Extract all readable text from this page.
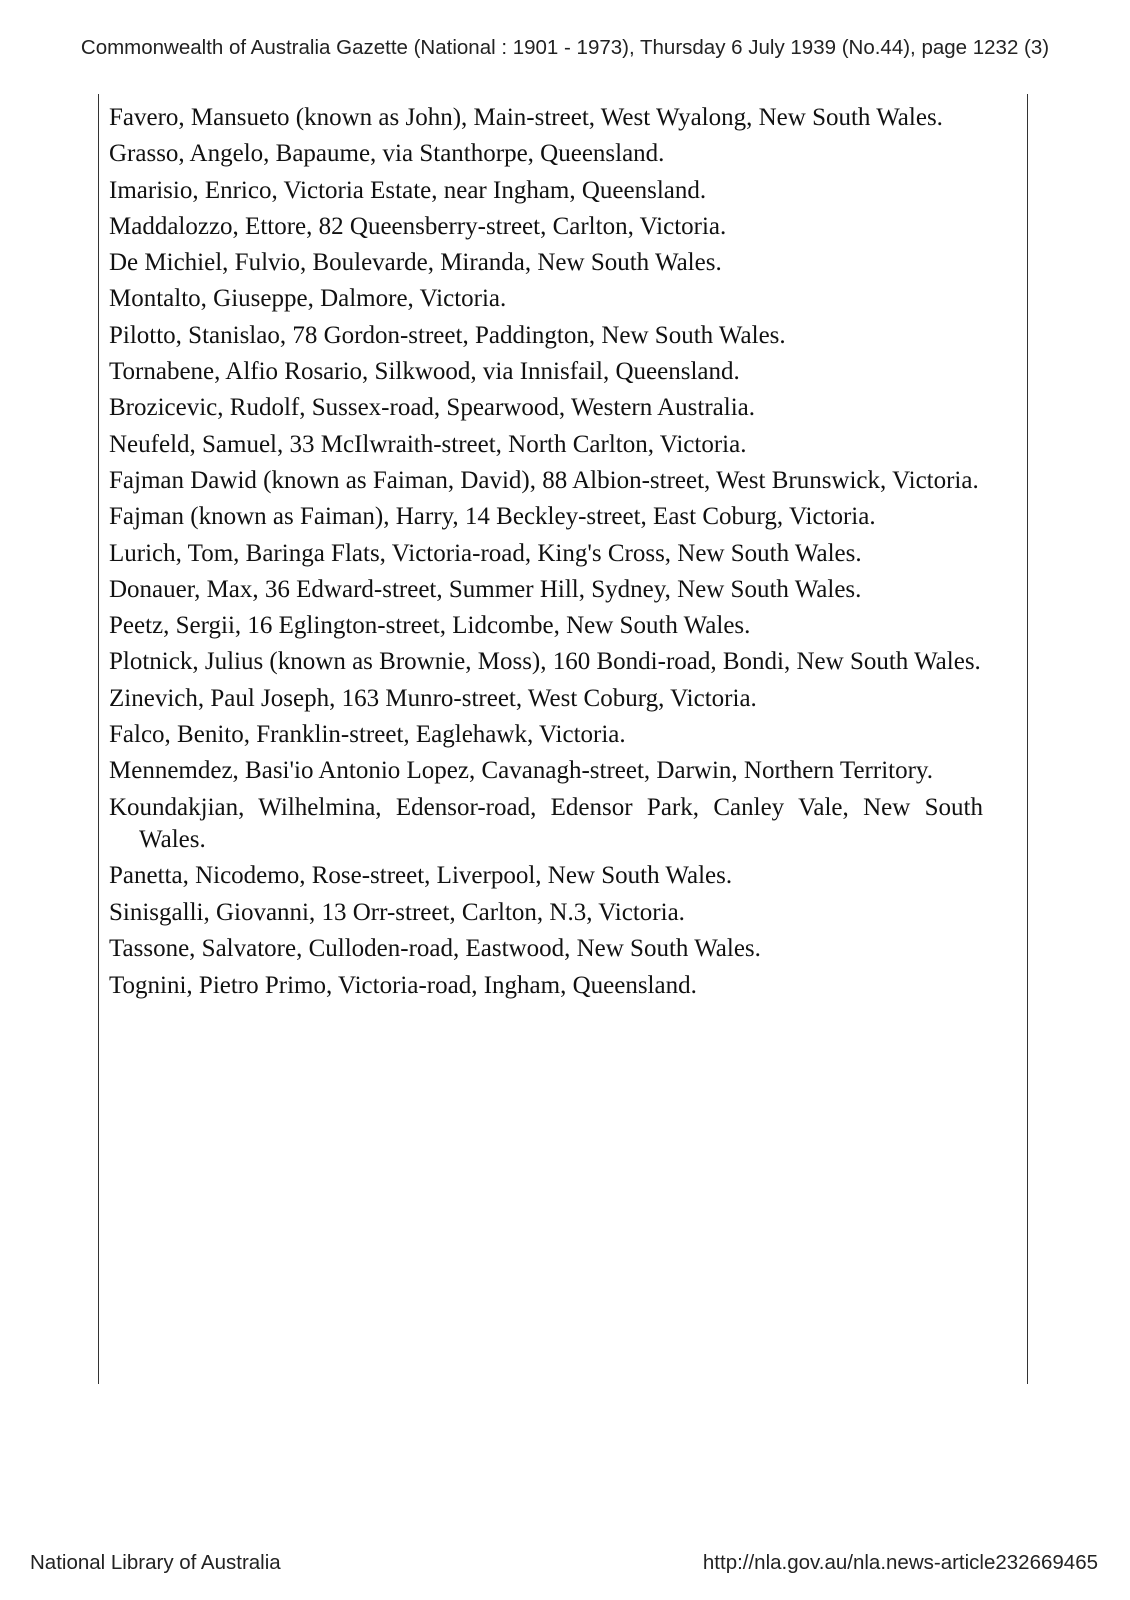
Commonwealth of Australia Gazette (National : 1901 - 1973), Thursday 6 July 1939 (No.44), page 1232 (3)

Favero, Mansueto (known as John), Main-street, West Wyalong, New South Wales.

Grasso, Angelo, Bapaume, via Stanthorpe, Queensland.

Imarisio, Enrico, Victoria Estate, near Ingham, Queensland.

Maddalozzo, Ettore, 82 Queensberry-street, Carlton, Victoria.

De Michiel, Fulvio, Boulevarde, Miranda, New South Wales.

Montalto, Giuseppe, Dalmore, Victoria.

Pilotto, Stanislao, 78 Gordon-street, Paddington, New South Wales.

Tornabene, Alfio Rosario, Silkwood, via Innisfail, Queensland.

Brozicevic, Rudolf, Sussex-road, Spearwood, Western Australia.

Neufeld, Samuel, 33 McIlwraith-street, North Carlton, Victoria.

Fajman Dawid (known as Faiman, David), 88 Albion-street, West Brunswick, Victoria.

Fajman (known as Faiman), Harry, 14 Beckley-street, East Coburg, Victoria.

Lurich, Tom, Baringa Flats, Victoria-road, King's Cross, New South Wales.

Donauer, Max, 36 Edward-street, Summer Hill, Sydney, New South Wales.

Peetz, Sergii, 16 Eglington-street, Lidcombe, New South Wales.

Plotnick, Julius (known as Brownie, Moss), 160 Bondi-road, Bondi, New South Wales.

Zinevich, Paul Joseph, 163 Munro-street, West Coburg, Victoria.

Falco, Benito, Franklin-street, Eaglehawk, Victoria.

Mennemdez, Basi'io Antonio Lopez, Cavanagh-street, Darwin, Northern Territory.

Koundakjian, Wilhelmina, Edensor-road, Edensor Park, Canley Vale, New South Wales.

Panetta, Nicodemo, Rose-street, Liverpool, New South Wales.

Sinisgalli, Giovanni, 13 Orr-street, Carlton, N.3, Victoria.

Tassone, Salvatore, Culloden-road, Eastwood, New South Wales.

Tognini, Pietro Primo, Victoria-road, Ingham, Queensland.

National Library of Australia	http://nla.gov.au/nla.news-article232669465
